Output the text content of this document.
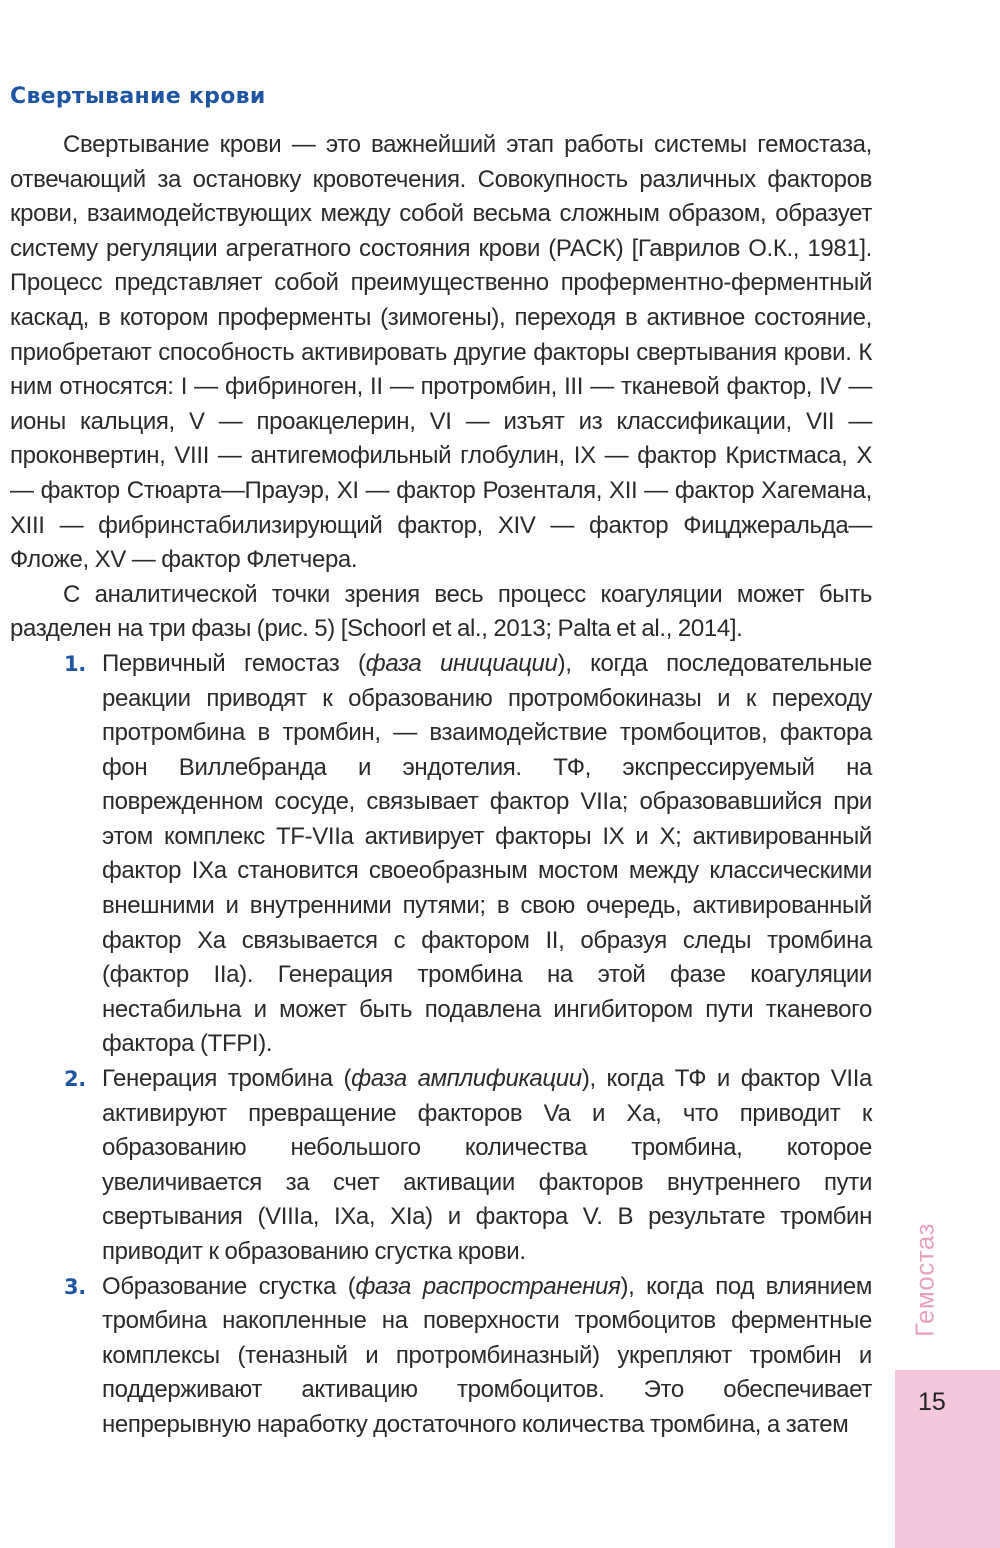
Свертывание крови

Свертывание крови — это важнейший этап работы системы гемостаза, отвечающий за остановку кровотечения. Совокупность различных факторов крови, взаимодействующих между собой весьма сложным образом, образует систему регуляции агрегатного состояния крови (РАСК) [Гаврилов О.К., 1981]. Процесс представляет собой преимущественно проферментно-ферментный каскад, в котором проферменты (зимогены), переходя в активное состояние, приобретают способность активировать другие факторы свертывания крови. К ним относятся: I — фибриноген, II — протромбин, III — тканевой фактор, IV — ионы кальция, V — проакцелерин, VI — изъят из классификации, VII — проконвертин, VIII — антигемофильный глобулин, IX — фактор Кристмаса, X — фактор Стюарта—Прауэр, XI — фактор Розенталя, XII — фактор Хагемана, XIII — фибринстабилизирующий фактор, XIV — фактор Фицджеральда—Фложе, XV — фактор Флетчера.

С аналитической точки зрения весь процесс коагуляции может быть разделен на три фазы (рис. 5) [Schoorl et al., 2013; Palta et al., 2014].

1. Первичный гемостаз (фаза инициации), когда последовательные реакции приводят к образованию протромбокиназы и к переходу протромбина в тромбин, — взаимодействие тромбоцитов, фактора фон Виллебранда и эндотелия. ТФ, экспрессируемый на поврежденном сосуде, связывает фактор VIIa; образовавшийся при этом комплекс TF-VIIa активирует факторы IX и X; активированный фактор IXa становится своеобразным мостом между классическими внешними и внутренними путями; в свою очередь, активированный фактор Xa связывается с фактором II, образуя следы тромбина (фактор IIa). Генерация тромбина на этой фазе коагуляции нестабильна и может быть подавлена ингибитором пути тканевого фактора (TFPI).
2. Генерация тромбина (фаза амплификации), когда ТФ и фактор VIIa активируют превращение факторов Va и Xa, что приводит к образованию небольшого количества тромбина, которое увеличивается за счет активации факторов внутреннего пути свертывания (VIIIa, IXa, XIa) и фактора V. В результате тромбин приводит к образованию сгустка крови.
3. Образование сгустка (фаза распространения), когда под влиянием тромбина накопленные на поверхности тромбоцитов ферментные комплексы (теназный и протромбиназный) укрепляют тромбин и поддерживают активацию тромбоцитов. Это обеспечивает непрерывную наработку достаточного количества тромбина, а затем
Гемостаз
15
